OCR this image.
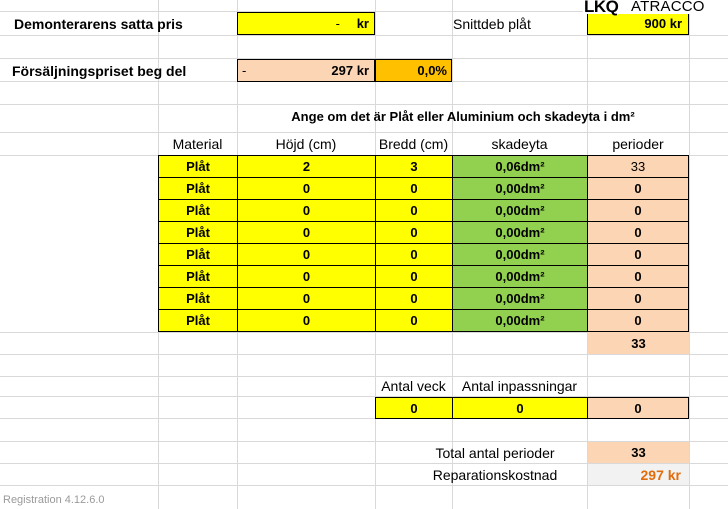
Demonterarens satta pris	- kr	Snittdeb plåt	900 kr
LKQ ATRACCO
Försäljningspriset beg del	-	297 kr	0,0%
Ange om det är Plåt eller Aluminium och skadeyta i dm²
Material	Höjd (cm)	Bredd (cm)	skadeyta	perioder
Plåt	2	3	0,06dm²	33
Plåt	0	0	0,00dm²	0
Plåt	0	0	0,00dm²	0
Plåt	0	0	0,00dm²	0
Plåt	0	0	0,00dm²	0
Plåt	0	0	0,00dm²	0
Plåt	0	0	0,00dm²	0
Plåt	0	0	0,00dm²	0
33
Antal veck	Antal inpassningar
0	0	0
Total antal perioder	33
Reparationskostnad	297 kr
Registration 4.12.6.0
